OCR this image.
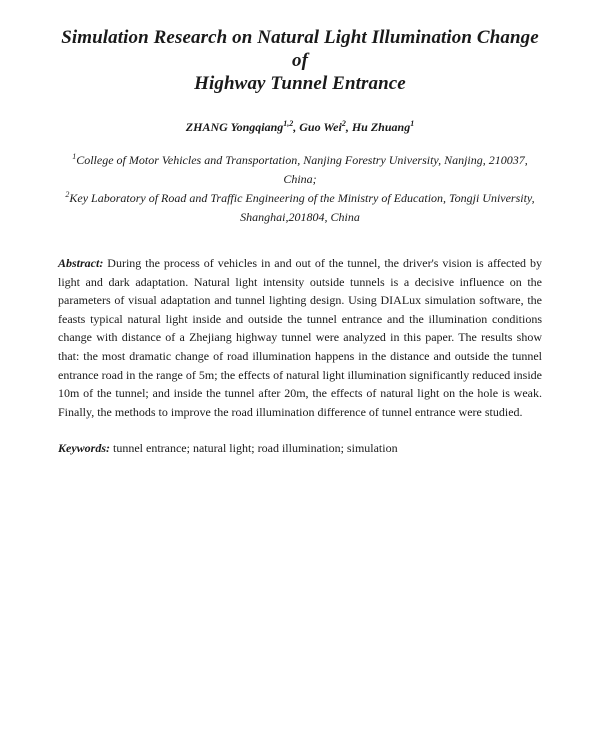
Simulation Research on Natural Light Illumination Change of
Highway Tunnel Entrance
ZHANG Yongqiang$^{1,2}$, Guo Wei$^2$, Hu Zhuang$^1$
$^1$College of Motor Vehicles and Transportation, Nanjing Forestry University, Nanjing, 210037,
China;
$^2$Key Laboratory of Road and Traffic Engineering of the Ministry of Education, Tongji University,
Shanghai,201804, China

Abstract: During the process of vehicles in and out of the tunnel, the driver's vision is affected by light and dark adaptation. Natural light intensity outside tunnels is a decisive influence on the parameters of visual adaptation and tunnel lighting design. Using DIALux simulation software, the feasts typical natural light inside and outside the tunnel entrance and the illumination conditions change with distance of a Zhejiang highway tunnel were analyzed in this paper. The results show that: the most dramatic change of road illumination happens in the distance and outside the tunnel entrance road in the range of 5m; the effects of natural light illumination significantly reduced inside 10m of the tunnel; and inside the tunnel after 20m, the effects of natural light on the hole is weak. Finally, the methods to improve the road illumination difference of tunnel entrance were studied.

Keywords: tunnel entrance; natural light; road illumination; simulation
